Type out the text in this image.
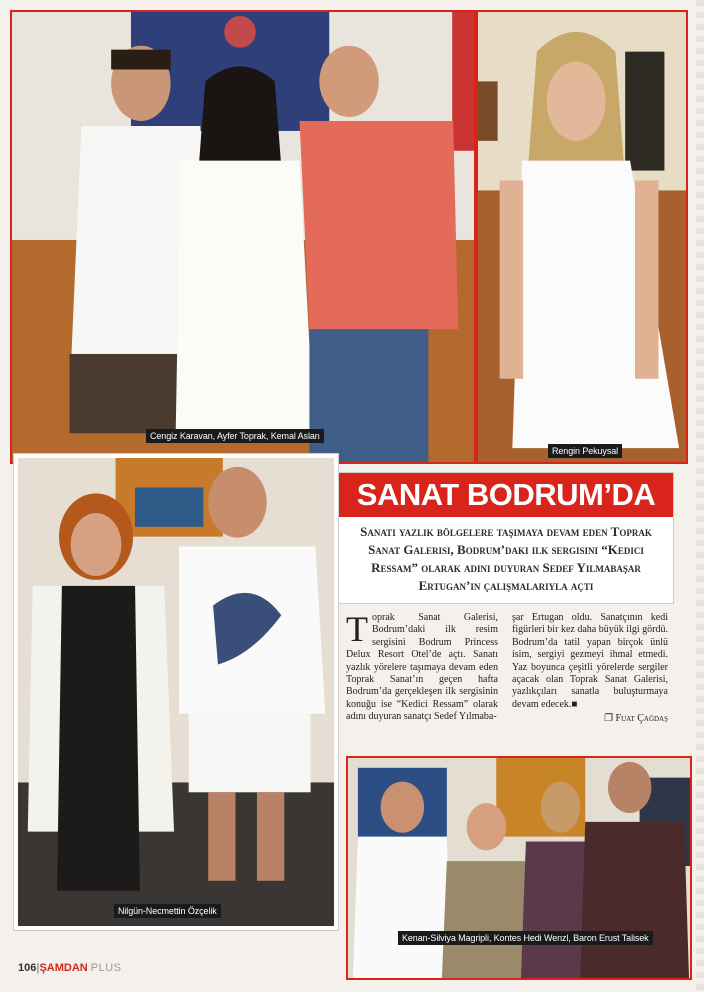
Cengiz Karavan, Ayfer Toprak, Kemal Aslan
Rengin Pekuysal
Nilgün-Necmettin Özçelik
SANAT BODRUM’DA
Sanatı yazlık bölgelere taşımaya devam eden Toprak Sanat Galerisi, Bodrum’daki ilk sergisini “Kedici Ressam” olarak adını duyuran Sedef Yılmabaşar Ertugan’ın çalışmalarıyla açtı
Toprak Sanat Galerisi, Bodrum’daki ilk resim sergisini Bodrum Princess Delux Resort Otel’de açtı. Sanatı yazlık yörelere taşımaya devam eden Toprak Sanat’ın geçen hafta Bodrum’da gerçekleşen ilk sergisinin konuğu ise “Kedici Ressam” olarak adını duyuran sanatçı Sedef Yılmaba-
şar Ertugan oldu. Sanatçının kedi figürleri bir kez daha büyük ilgi gördü. Bodrum’da tatil yapan birçok ünlü isim, sergiyi gezmeyi ihmal etmedi. Yaz boyunca çeşitli yörelerde sergiler açacak olan Toprak Sanat Galerisi, yazlıkçıları sanatla buluşturmaya devam edecek.■
❐ Fuat Çağdaş
Kenan-Silviya Magripli, Kontes Hedi Wenzl, Baron Erust Talisek
106|ŞAMDAN PLUS
